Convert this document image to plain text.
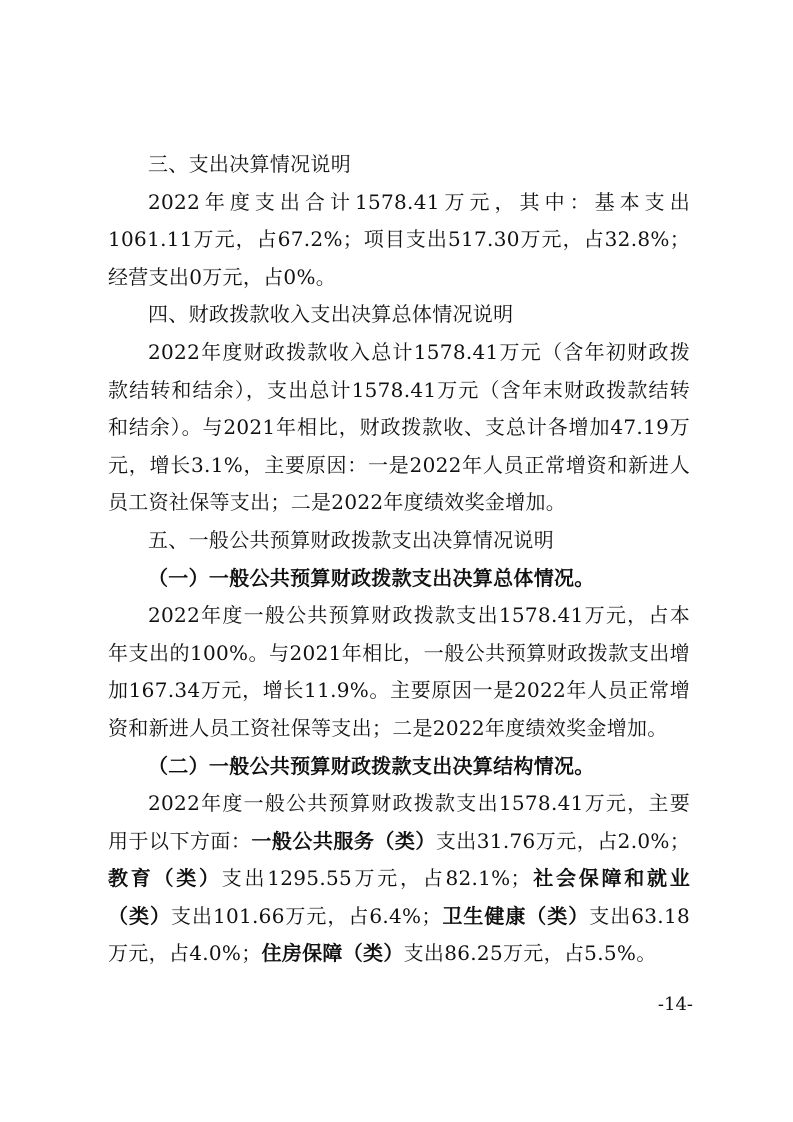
三、支出决算情况说明

2022年度支出合计1578.41万元，其中：基本支出1061.11万元，占67.2%；项目支出517.30万元，占32.8%；经营支出0万元，占0%。

四、财政拨款收入支出决算总体情况说明

2022年度财政拨款收入总计1578.41万元（含年初财政拨款结转和结余），支出总计1578.41万元（含年末财政拨款结转和结余）。与2021年相比，财政拨款收、支总计各增加47.19万元，增长3.1%，主要原因：一是2022年人员正常增资和新进人员工资社保等支出；二是2022年度绩效奖金增加。

五、一般公共预算财政拨款支出决算情况说明

（一）一般公共预算财政拨款支出决算总体情况。

2022年度一般公共预算财政拨款支出1578.41万元，占本年支出的100%。与2021年相比，一般公共预算财政拨款支出增加167.34万元，增长11.9%。主要原因一是2022年人员正常增资和新进人员工资社保等支出；二是2022年度绩效奖金增加。

（二）一般公共预算财政拨款支出决算结构情况。

2022年度一般公共预算财政拨款支出1578.41万元，主要用于以下方面：一般公共服务（类）支出31.76万元，占2.0%；教育（类）支出1295.55万元，占82.1%；社会保障和就业（类）支出101.66万元，占6.4%；卫生健康（类）支出63.18万元，占4.0%；住房保障（类）支出86.25万元，占5.5%。

-14-
